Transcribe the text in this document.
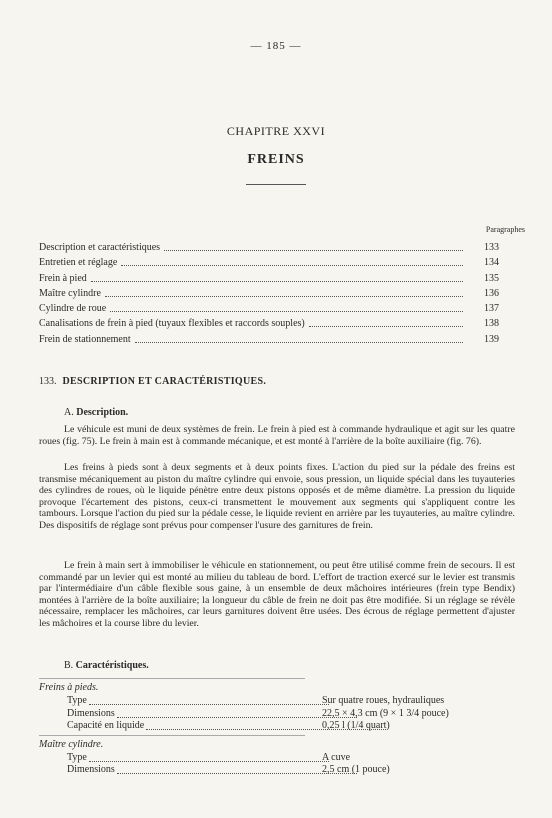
— 185 —
CHAPITRE XXVI
FREINS
Paragraphes
Description et caractéristiques	133
Entretien et réglage	134
Frein à pied	135
Maître cylindre	136
Cylindre de roue	137
Canalisations de frein à pied (tuyaux flexibles et raccords souples)	138
Frein de stationnement	139
133. DESCRIPTION ET CARACTÉRISTIQUES.
A. Description.
Le véhicule est muni de deux systèmes de frein. Le frein à pied est à commande hydraulique et agit sur les quatre roues (fig. 75). Le frein à main est à commande mécanique, et est monté à l'arrière de la boîte auxiliaire (fig. 76).
Les freins à pieds sont à deux segments et à deux points fixes. L'action du pied sur la pédale des freins est transmise mécaniquement au piston du maître cylindre qui envoie, sous pression, un liquide spécial dans les tuyauteries des cylindres de roues, où le liquide pénètre entre deux pistons opposés et de même diamètre. La pression du liquide provoque l'écartement des pistons, ceux-ci transmettent le mouvement aux segments qui s'appliquent contre les tambours. Lorsque l'action du pied sur la pédale cesse, le liquide revient en arrière par les tuyauteries, au maître cylindre. Des dispositifs de réglage sont prévus pour compenser l'usure des garnitures de frein.
Le frein à main sert à immobiliser le véhicule en stationnement, ou peut être utilisé comme frein de secours. Il est commandé par un levier qui est monté au milieu du tableau de bord. L'effort de traction exercé sur le levier est transmis par l'intermédiaire d'un câble flexible sous gaine, à un ensemble de deux mâchoires intérieures (frein type Bendix) montées à l'arrière de la boîte auxiliaire; la longueur du câble de frein ne doit pas être modifiée. Si un réglage se révèle nécessaire, remplacer les mâchoires, car leurs garnitures doivent être usées. Des écrous de réglage permettent d'ajuster les mâchoires et la course libre du levier.
B. Caractéristiques.
Freins à pieds.
Type	Sur quatre roues, hydrauliques
Dimensions	22,5 × 4,3 cm (9 × 1 3/4 pouce)
Capacité en liquide	0,25 l (1/4 quart)
Maître cylindre.
Type	A cuve
Dimensions	2,5 cm (1 pouce)
